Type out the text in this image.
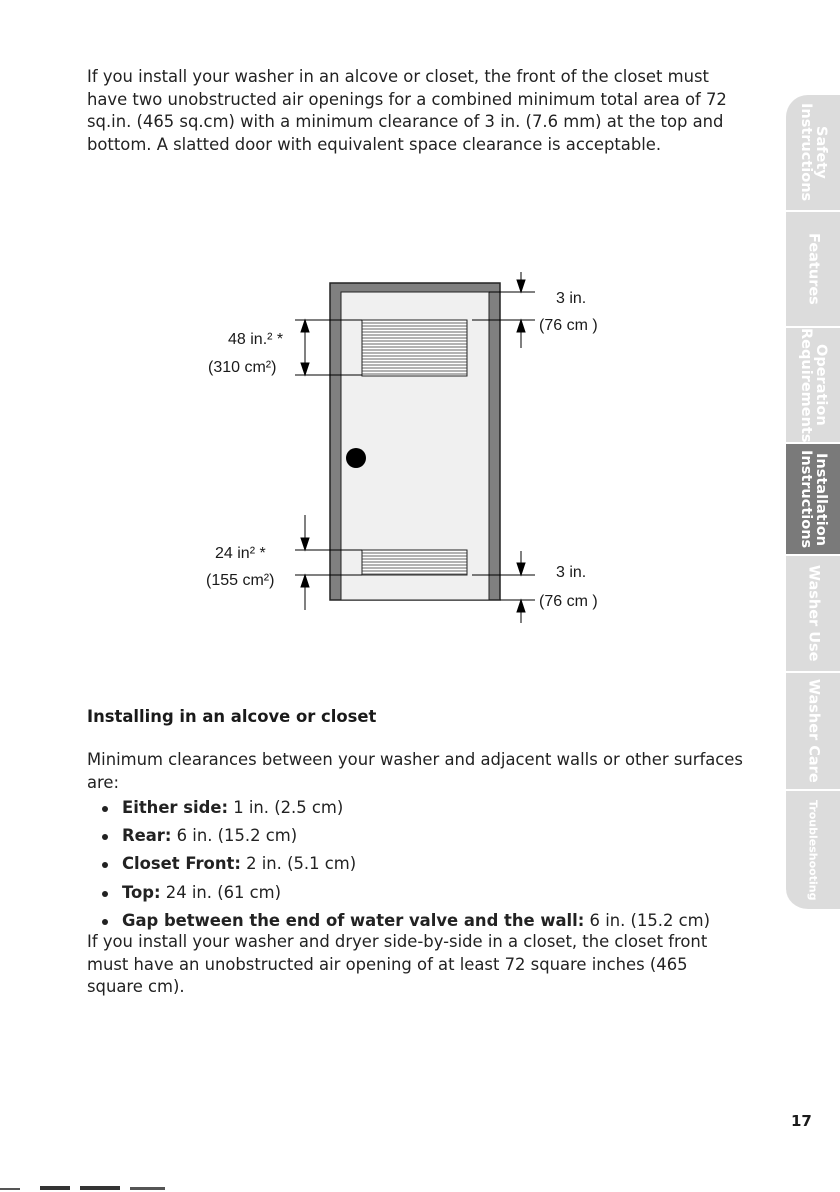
If you install your washer in an alcove or closet, the front of the closet must have two unobstructed air openings for a combined minimum total area of 72 sq.in. (465 sq.cm) with a minimum clearance of 3 in. (7.6 mm) at the top and bottom. A slatted door with equivalent space clearance is acceptable.

48 in.² *
(310 cm²)
24 in² *
(155 cm²)
3 in.
(76 cm )
3 in.
(76 cm )
Installing in an alcove or closet

Minimum clearances between your washer and adjacent walls or other surfaces are:

Either side: 1 in. (2.5 cm)
Rear: 6 in. (15.2 cm)
Closet Front: 2 in. (5.1 cm)
Top: 24 in. (61 cm)
Gap between the end of water valve and the wall: 6 in. (15.2 cm)

If you install your washer and dryer side-by-side in a closet, the closet front must have an unobstructed air opening of at least 72 square inches (465 square cm).

Safety
Instructions
Features
Operation
Requirements
Installation
Instructions
Washer Use
Washer Care
Troubleshooting
17
